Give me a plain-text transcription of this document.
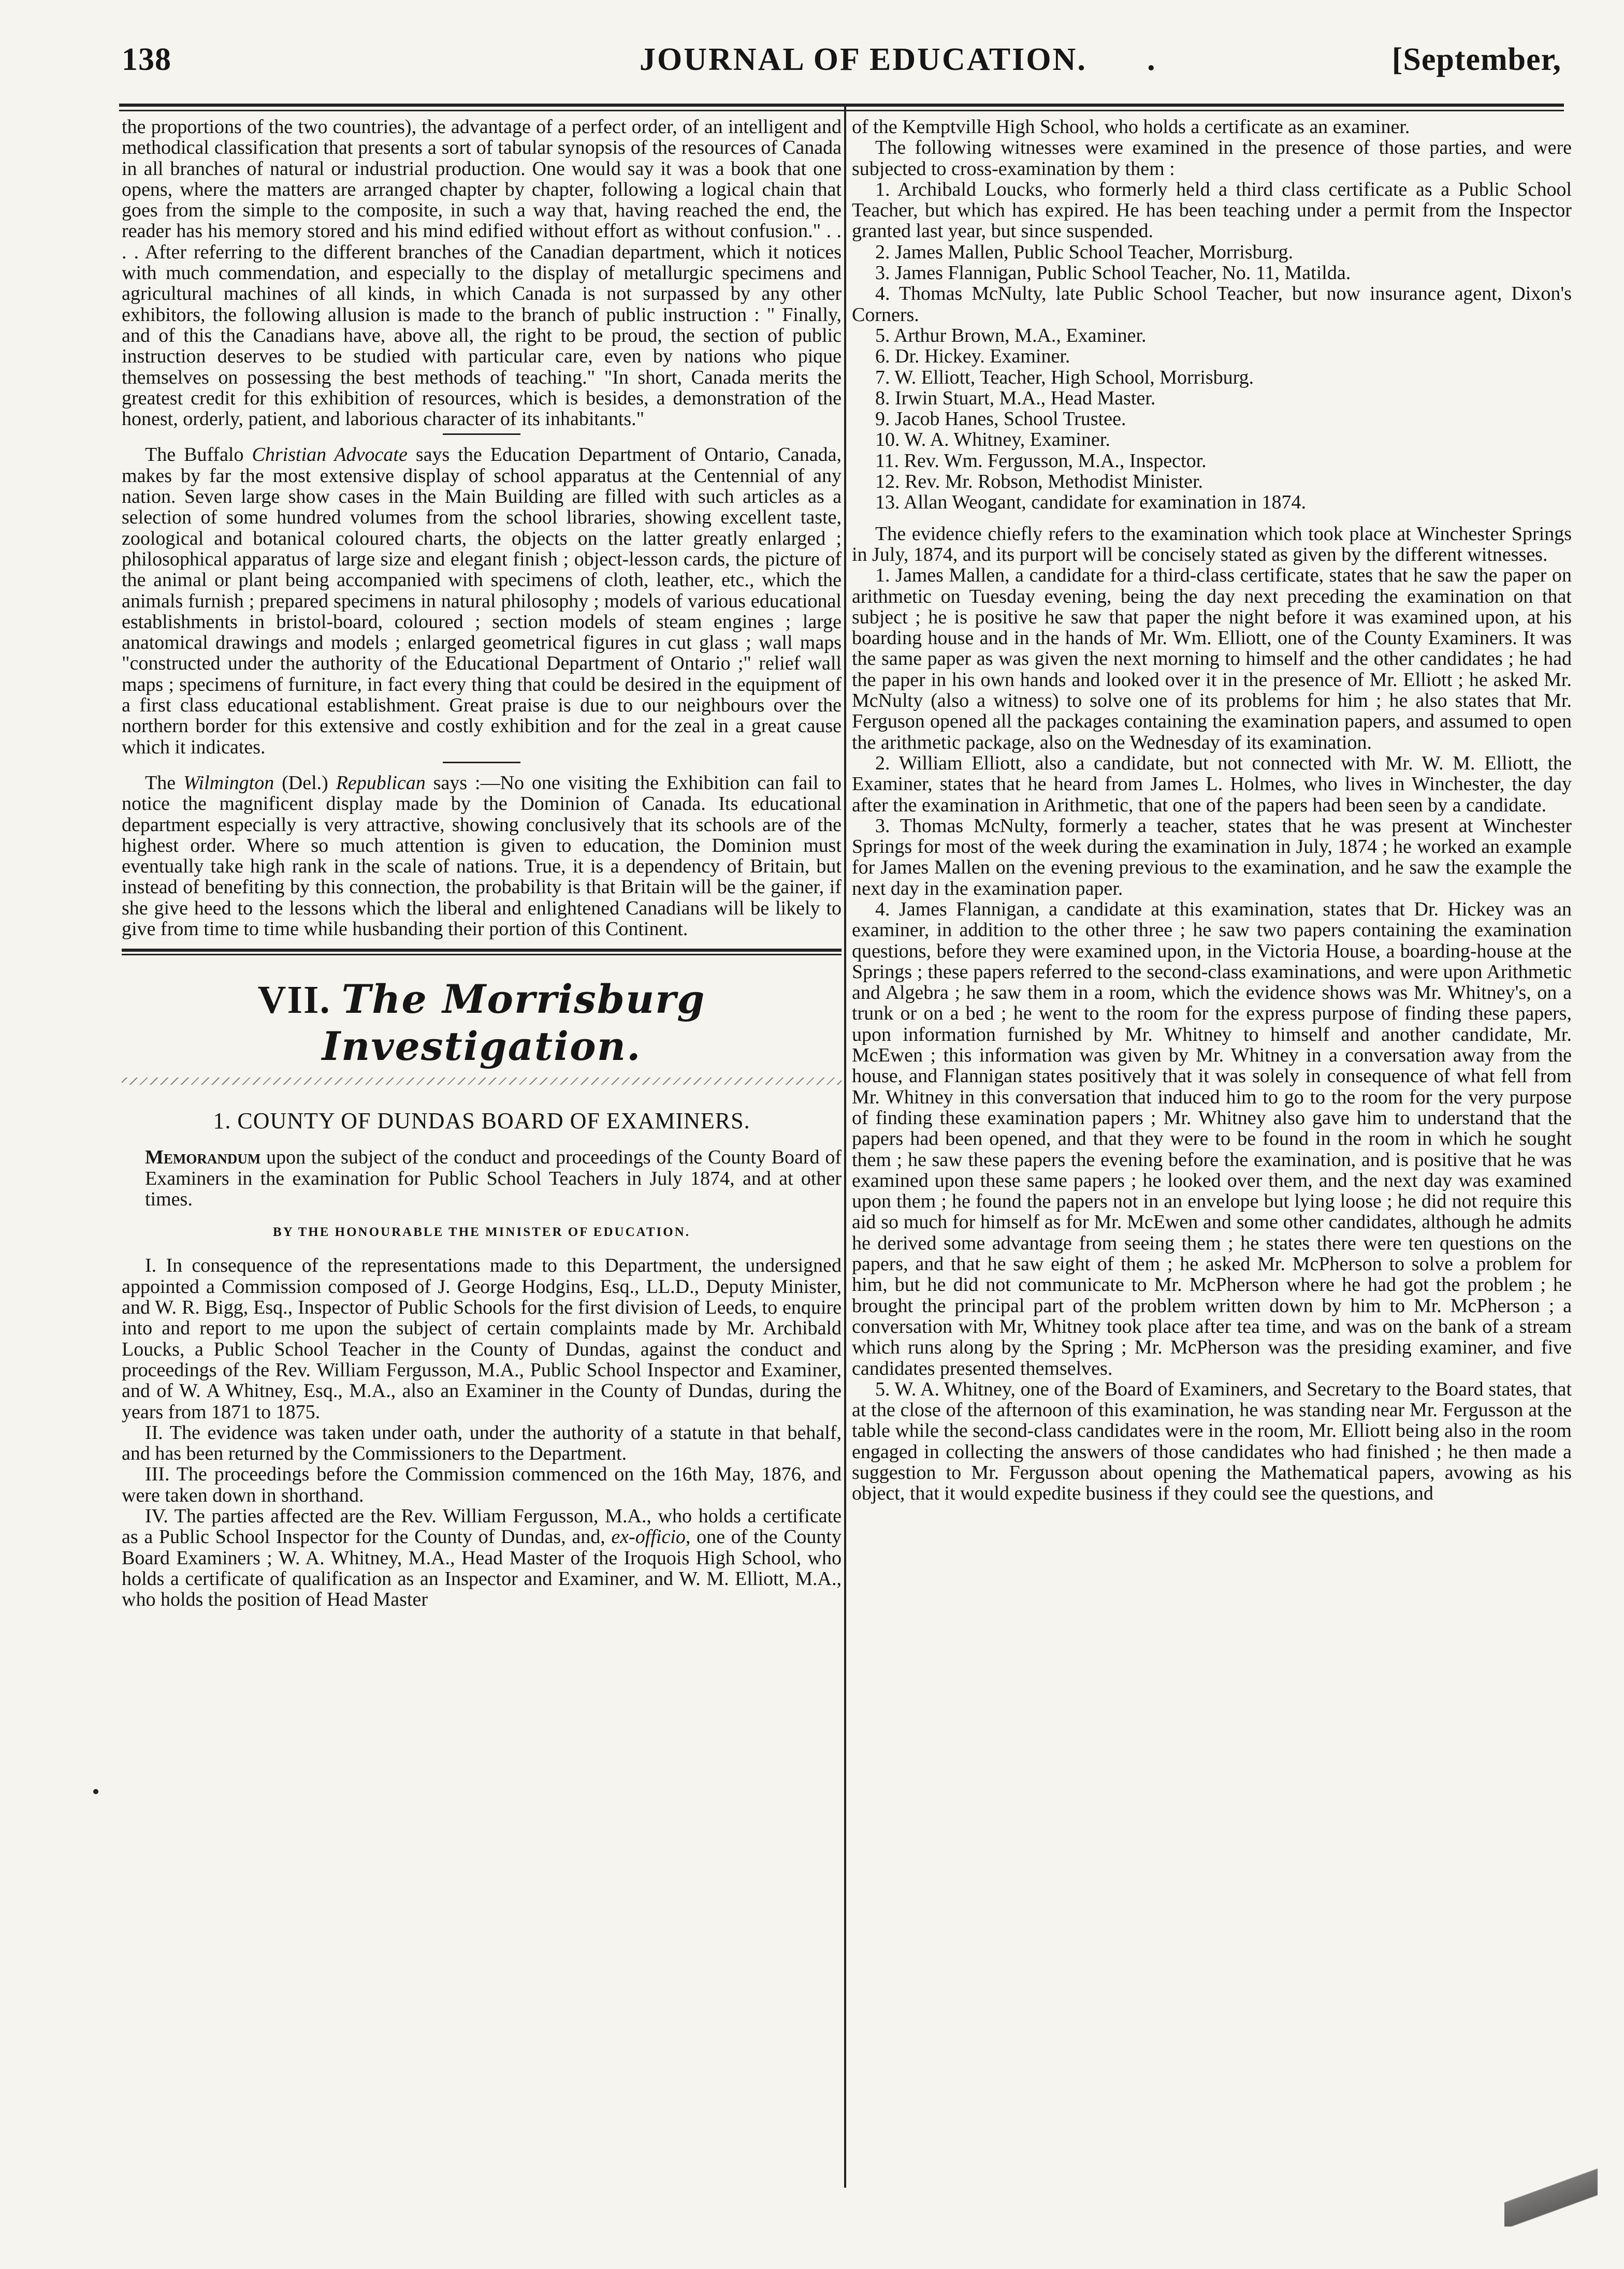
138	JOURNAL OF EDUCATION. .	[September,

the proportions of the two countries), the advantage of a perfect order, of an intelligent and methodical classification that presents a sort of tabular synopsis of the resources of Canada in all branches of natural or industrial production. One would say it was a book that one opens, where the matters are arranged chapter by chapter, following a logical chain that goes from the simple to the composite, in such a way that, having reached the end, the reader has his memory stored and his mind edified without effort as without confusion." . . . . After referring to the different branches of the Canadian department, which it notices with much commendation, and especially to the display of metallurgic specimens and agricultural machines of all kinds, in which Canada is not surpassed by any other exhibitors, the following allusion is made to the branch of public instruction : " Finally, and of this the Canadians have, above all, the right to be proud, the section of public instruction deserves to be studied with particular care, even by nations who pique themselves on possessing the best methods of teaching." "In short, Canada merits the greatest credit for this exhibition of resources, which is besides, a demonstration of the honest, orderly, patient, and laborious character of its inhabitants."

The Buffalo Christian Advocate says the Education Department of Ontario, Canada, makes by far the most extensive display of school apparatus at the Centennial of any nation. Seven large show cases in the Main Building are filled with such articles as a selection of some hundred volumes from the school libraries, showing excellent taste, zoological and botanical coloured charts, the objects on the latter greatly enlarged ; philosophical apparatus of large size and elegant finish ; object-lesson cards, the picture of the animal or plant being accompanied with specimens of cloth, leather, etc., which the animals furnish ; prepared specimens in natural philosophy ; models of various educational establishments in bristol-board, coloured ; section models of steam engines ; large anatomical drawings and models ; enlarged geometrical figures in cut glass ; wall maps "constructed under the authority of the Educational Department of Ontario ;" relief wall maps ; specimens of furniture, in fact every thing that could be desired in the equipment of a first class educational establishment. Great praise is due to our neighbours over the northern border for this extensive and costly exhibition and for the zeal in a great cause which it indicates.

The Wilmington (Del.) Republican says :—No one visiting the Exhibition can fail to notice the magnificent display made by the Dominion of Canada. Its educational department especially is very attractive, showing conclusively that its schools are of the highest order. Where so much attention is given to education, the Dominion must eventually take high rank in the scale of nations. True, it is a dependency of Britain, but instead of benefiting by this connection, the probability is that Britain will be the gainer, if she give heed to the lessons which the liberal and enlightened Canadians will be likely to give from time to time while husbanding their portion of this Continent.

VII. The Morrisburg Investigation.
1. COUNTY OF DUNDAS BOARD OF EXAMINERS.

Memorandum upon the subject of the conduct and proceedings of the County Board of Examiners in the examination for Public School Teachers in July 1874, and at other times.

BY THE HONOURABLE THE MINISTER OF EDUCATION.

I. In consequence of the representations made to this Department, the undersigned appointed a Commission composed of J. George Hodgins, Esq., LL.D., Deputy Minister, and W. R. Bigg, Esq., Inspector of Public Schools for the first division of Leeds, to enquire into and report to me upon the subject of certain complaints made by Mr. Archibald Loucks, a Public School Teacher in the County of Dundas, against the conduct and proceedings of the Rev. William Fergusson, M.A., Public School Inspector and Examiner, and of W. A Whitney, Esq., M.A., also an Examiner in the County of Dundas, during the years from 1871 to 1875.

II. The evidence was taken under oath, under the authority of a statute in that behalf, and has been returned by the Commissioners to the Department.

III. The proceedings before the Commission commenced on the 16th May, 1876, and were taken down in shorthand.

IV. The parties affected are the Rev. William Fergusson, M.A., who holds a certificate as a Public School Inspector for the County of Dundas, and, ex-officio, one of the County Board Examiners ; W. A. Whitney, M.A., Head Master of the Iroquois High School, who holds a certificate of qualification as an Inspector and Examiner, and W. M. Elliott, M.A., who holds the position of Head Master

of the Kemptville High School, who holds a certificate as an examiner.

The following witnesses were examined in the presence of those parties, and were subjected to cross-examination by them :

1. Archibald Loucks, who formerly held a third class certificate as a Public School Teacher, but which has expired. He has been teaching under a permit from the Inspector granted last year, but since suspended.

2. James Mallen, Public School Teacher, Morrisburg.

3. James Flannigan, Public School Teacher, No. 11, Matilda.

4. Thomas McNulty, late Public School Teacher, but now insurance agent, Dixon's Corners.

5. Arthur Brown, M.A., Examiner.

6. Dr. Hickey. Examiner.

7. W. Elliott, Teacher, High School, Morrisburg.

8. Irwin Stuart, M.A., Head Master.

9. Jacob Hanes, School Trustee.

10. W. A. Whitney, Examiner.

11. Rev. Wm. Fergusson, M.A., Inspector.

12. Rev. Mr. Robson, Methodist Minister.

13. Allan Weogant, candidate for examination in 1874.

The evidence chiefly refers to the examination which took place at Winchester Springs in July, 1874, and its purport will be concisely stated as given by the different witnesses.

1. James Mallen, a candidate for a third-class certificate, states that he saw the paper on arithmetic on Tuesday evening, being the day next preceding the examination on that subject ; he is positive he saw that paper the night before it was examined upon, at his boarding house and in the hands of Mr. Wm. Elliott, one of the County Examiners. It was the same paper as was given the next morning to himself and the other candidates ; he had the paper in his own hands and looked over it in the presence of Mr. Elliott ; he asked Mr. McNulty (also a witness) to solve one of its problems for him ; he also states that Mr. Ferguson opened all the packages containing the examination papers, and assumed to open the arithmetic package, also on the Wednesday of its examination.

2. William Elliott, also a candidate, but not connected with Mr. W. M. Elliott, the Examiner, states that he heard from James L. Holmes, who lives in Winchester, the day after the examination in Arithmetic, that one of the papers had been seen by a candidate.

3. Thomas McNulty, formerly a teacher, states that he was present at Winchester Springs for most of the week during the examination in July, 1874 ; he worked an example for James Mallen on the evening previous to the examination, and he saw the example the next day in the examination paper.

4. James Flannigan, a candidate at this examination, states that Dr. Hickey was an examiner, in addition to the other three ; he saw two papers containing the examination questions, before they were examined upon, in the Victoria House, a boarding-house at the Springs ; these papers referred to the second-class examinations, and were upon Arithmetic and Algebra ; he saw them in a room, which the evidence shows was Mr. Whitney's, on a trunk or on a bed ; he went to the room for the express purpose of finding these papers, upon information furnished by Mr. Whitney to himself and another candidate, Mr. McEwen ; this information was given by Mr. Whitney in a conversation away from the house, and Flannigan states positively that it was solely in consequence of what fell from Mr. Whitney in this conversation that induced him to go to the room for the very purpose of finding these examination papers ; Mr. Whitney also gave him to understand that the papers had been opened, and that they were to be found in the room in which he sought them ; he saw these papers the evening before the examination, and is positive that he was examined upon these same papers ; he looked over them, and the next day was examined upon them ; he found the papers not in an envelope but lying loose ; he did not require this aid so much for himself as for Mr. McEwen and some other candidates, although he admits he derived some advantage from seeing them ; he states there were ten questions on the papers, and that he saw eight of them ; he asked Mr. McPherson to solve a problem for him, but he did not communicate to Mr. McPherson where he had got the problem ; he brought the principal part of the problem written down by him to Mr. McPherson ; a conversation with Mr, Whitney took place after tea time, and was on the bank of a stream which runs along by the Spring ; Mr. McPherson was the presiding examiner, and five candidates presented themselves.

5. W. A. Whitney, one of the Board of Examiners, and Secretary to the Board states, that at the close of the afternoon of this examination, he was standing near Mr. Fergusson at the table while the second-class candidates were in the room, Mr. Elliott being also in the room engaged in collecting the answers of those candidates who had finished ; he then made a suggestion to Mr. Fergusson about opening the Mathematical papers, avowing as his object, that it would expedite business if they could see the questions, and
